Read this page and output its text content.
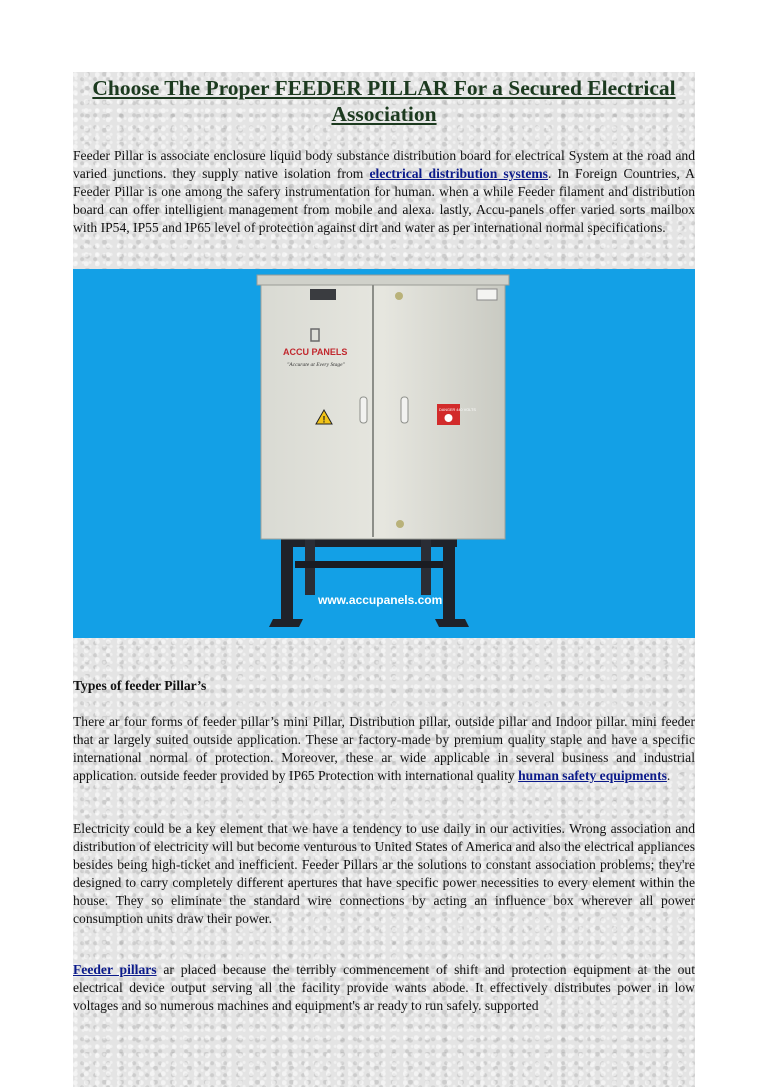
Choose The Proper FEEDER PILLAR For a Secured Electrical Association

Feeder Pillar is associate enclosure liquid body substance distribution board for electrical System at the road and varied junctions. they supply native isolation from electrical distribution systems. In Foreign Countries, A Feeder Pillar is one among the safery instrumentation for human. when a while Feeder filament and distribution board can offer intelligient management from mobile and alexa. lastly, Accu-panels offer varied sorts mailbox with IP54, IP55 and IP65 level of protection against dirt and water as per international normal specifications.

ACCU PANELS
"Accurate at Every Stage"
!
DANGER 440 VOLTS
www.accupanels.com
Types of feeder Pillar’s

There ar four forms of feeder pillar’s mini Pillar, Distribution pillar, outside pillar and Indoor pillar. mini feeder that ar largely suited outside application. These ar factory-made by premium quality staple and have a specific international normal of protection. Moreover, these ar wide applicable in several business and industrial application. outside feeder provided by IP65 Protection with international quality human safety equipments.

Electricity could be a key element that we have a tendency to use daily in our activities. Wrong association and distribution of electricity will but become venturous to United States of America and also the electrical appliances besides being high-ticket and inefficient. Feeder Pillars ar the solutions to constant association problems; they're designed to carry completely different apertures that have specific power necessities to every element within the house. They so eliminate the standard wire connections by acting an influence box wherever all power consumption units draw their power.

Feeder pillars ar placed because the terribly commencement of shift and protection equipment at the out electrical device output serving all the facility provide wants abode. It effectively distributes power in low voltages and so numerous machines and equipment's ar ready to run safely. supported
